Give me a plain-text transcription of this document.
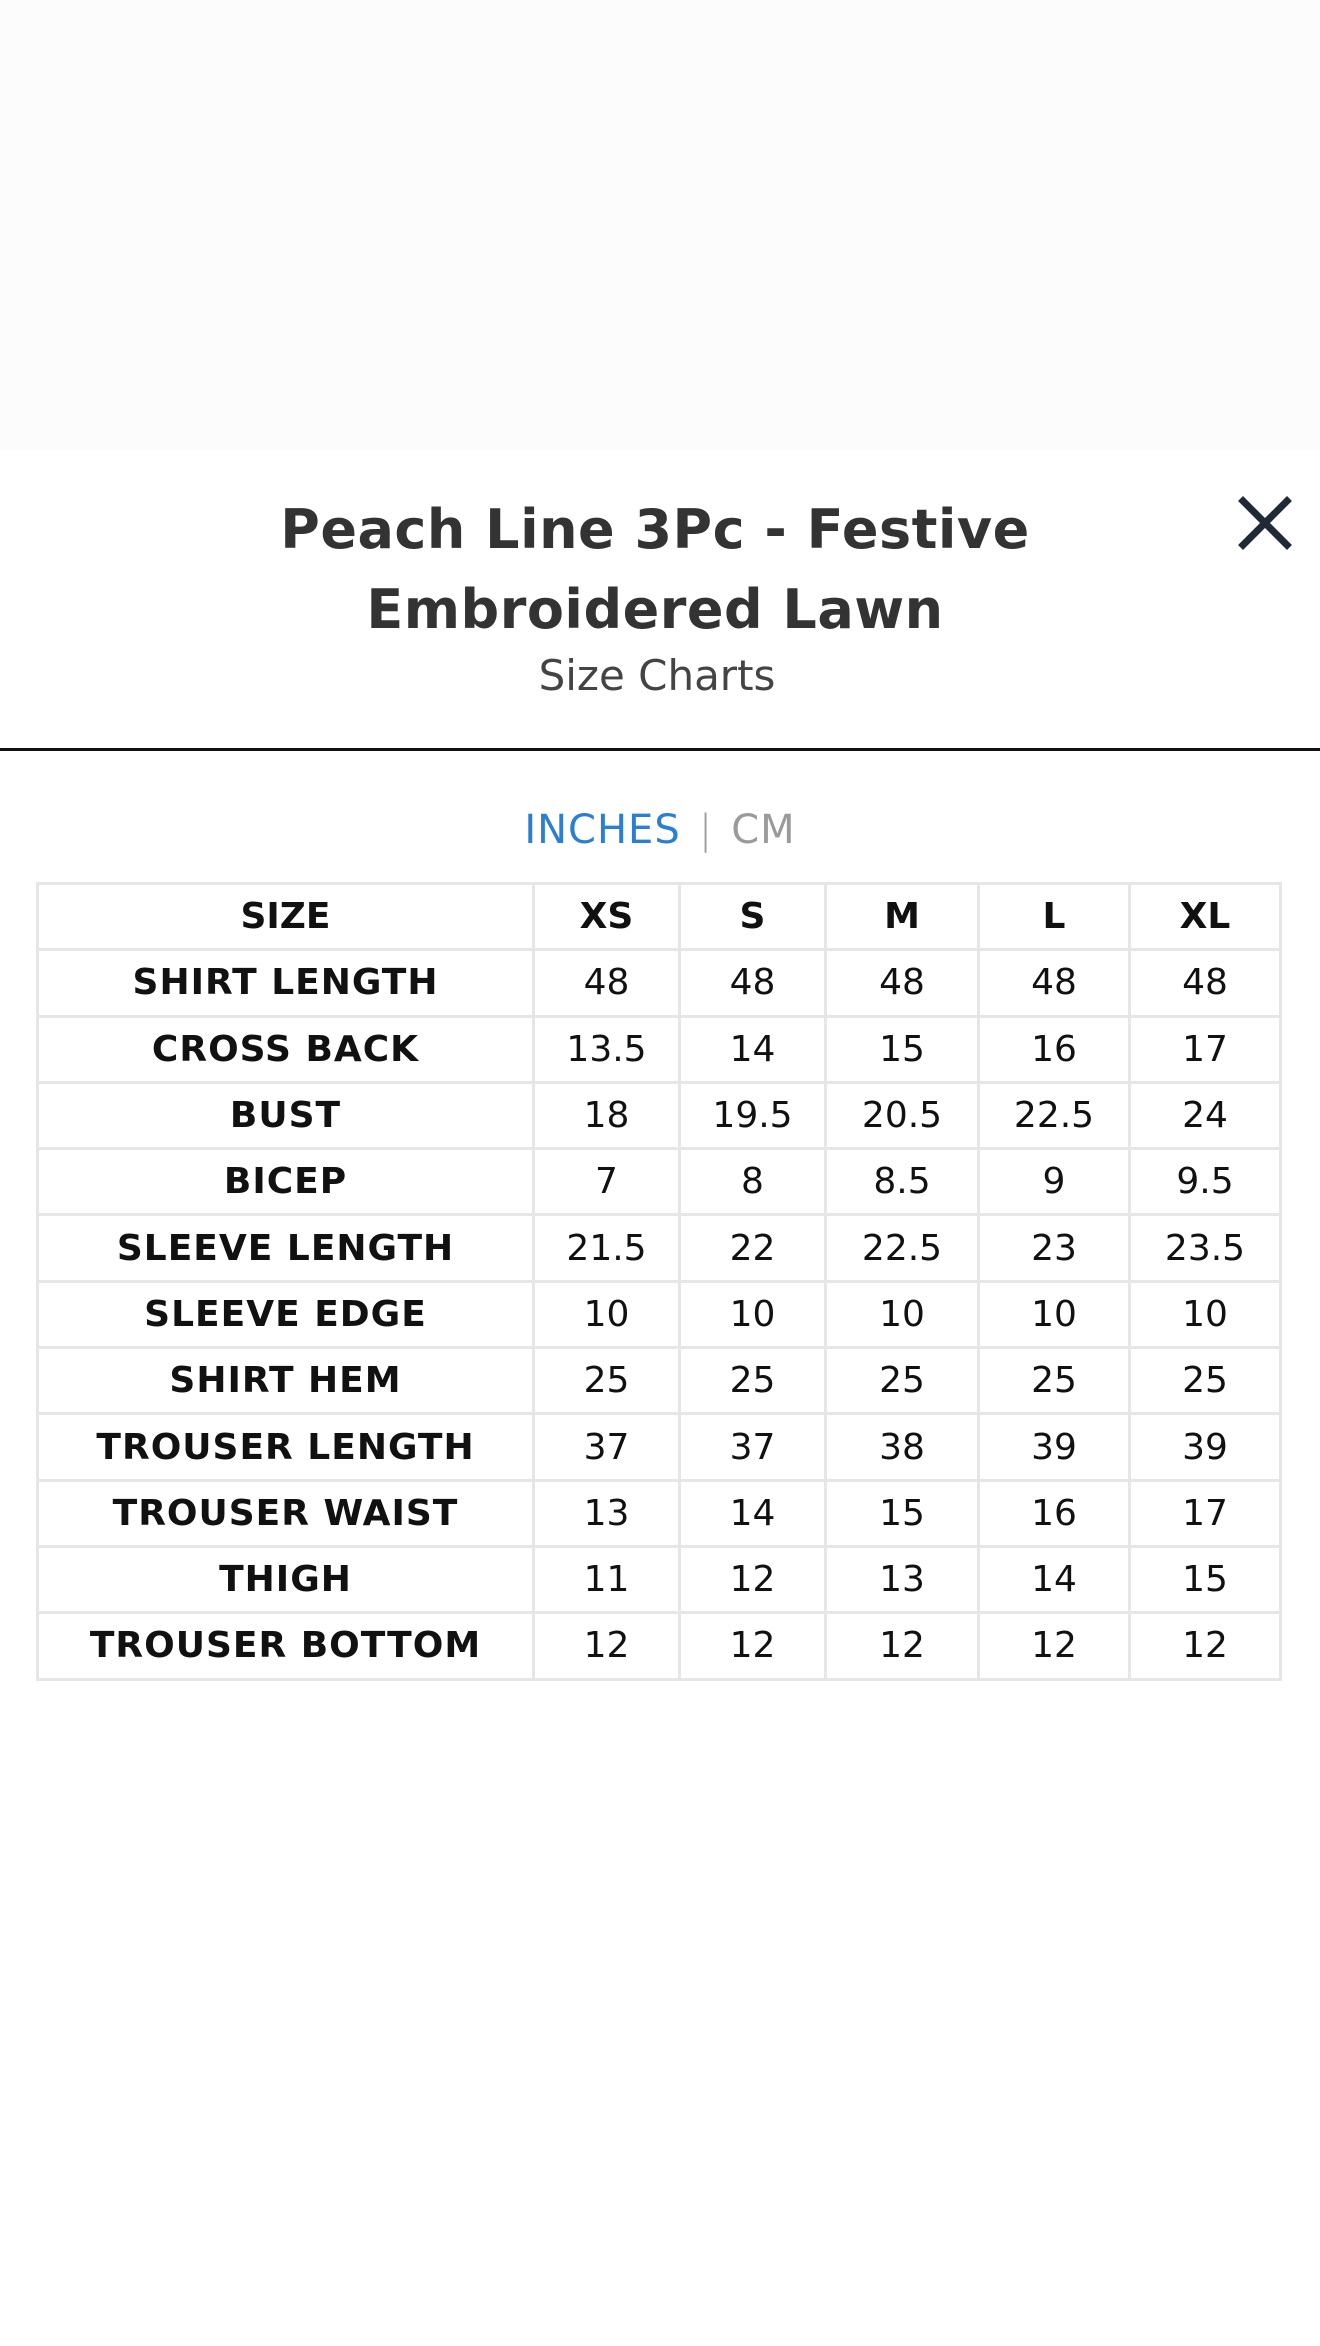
Peach Line 3Pc - Festive Embroidered Lawn
Size Charts
INCHES | CM
SIZE	XS	S	M	L	XL
SHIRT LENGTH	48	48	48	48	48
CROSS BACK	13.5	14	15	16	17
BUST	18	19.5	20.5	22.5	24
BICEP	7	8	8.5	9	9.5
SLEEVE LENGTH	21.5	22	22.5	23	23.5
SLEEVE EDGE	10	10	10	10	10
SHIRT HEM	25	25	25	25	25
TROUSER LENGTH	37	37	38	39	39
TROUSER WAIST	13	14	15	16	17
THIGH	11	12	13	14	15
TROUSER BOTTOM	12	12	12	12	12
